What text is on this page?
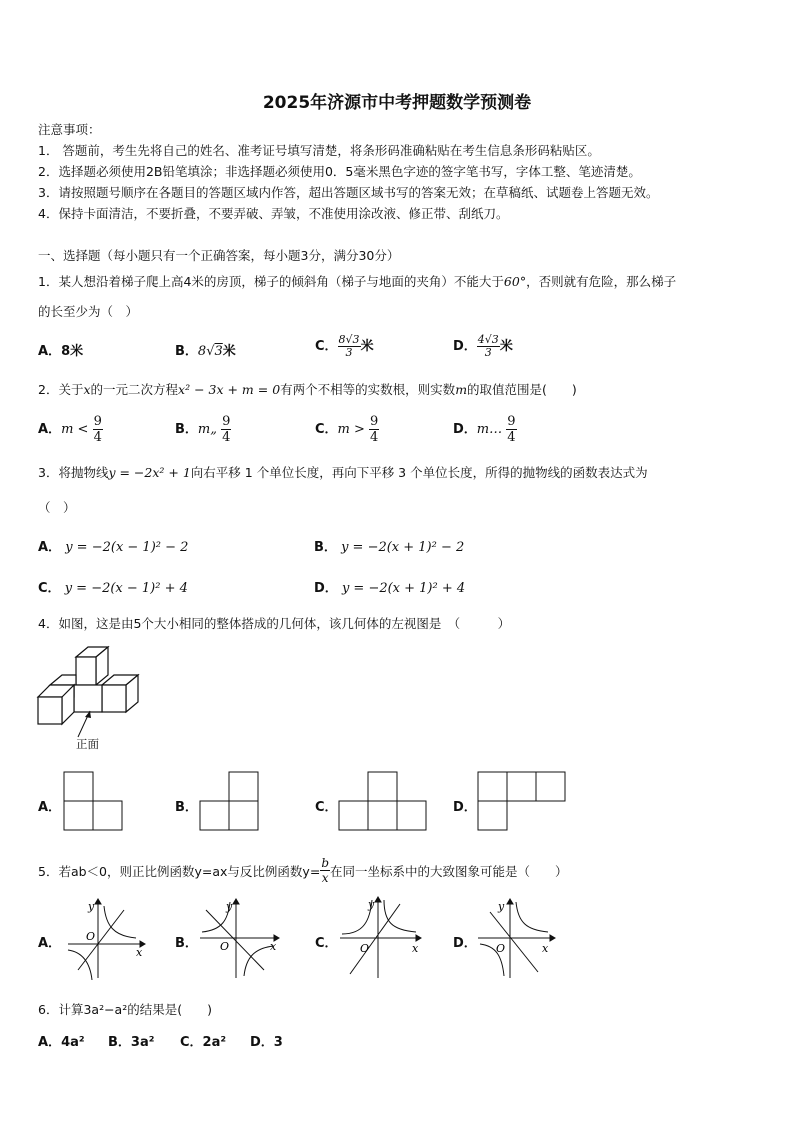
2025年济源市中考押题数学预测卷
注意事项：
1． 答题前，考生先将自己的姓名、准考证号填写清楚，将条形码准确粘贴在考生信息条形码粘贴区。
2．选择题必须使用2B铅笔填涂；非选择题必须使用0．5毫米黑色字迹的签字笔书写，字体工整、笔迹清楚。
3．请按照题号顺序在各题目的答题区域内作答，超出答题区域书写的答案无效；在草稿纸、试题卷上答题无效。
4．保持卡面清洁，不要折叠，不要弄破、弄皱，不准使用涂改液、修正带、刮纸刀。
一、选择题（每小题只有一个正确答案，每小题3分，满分30分）
1．某人想沿着梯子爬上高4米的房顶，梯子的倾斜角（梯子与地面的夹角）不能大于60°，否则就有危险，那么梯子
的长至少为（　）
A．8米	B．8√3米	C． $\frac{8√3}{3}$ 米	D． $\frac{4√3}{3}$ 米
2．关于x的一元二次方程x² − 3x + m = 0有两个不相等的实数根，则实数m的取值范围是(　　)
A．$m < \frac{9}{4}$	B．m„ $\frac{9}{4}$	C．$m > \frac{9}{4}$	D．m… $\frac{9}{4}$
3．将抛物线y = −2x² + 1向右平移 1 个单位长度，再向下平移 3 个单位长度，所得的抛物线的函数表达式为
（　）
A． y = −2(x − 1)² − 2	B． y = −2(x + 1)² − 2
C． y = −2(x − 1)² + 4	D． y = −2(x + 1)² + 4
4．如图，这是由5个大小相同的整体搭成的几何体，该几何体的左视图是　（　　　）
正面
A．	B．	C．	D．
5．若ab＜0，则正比例函数y=ax与反比例函数$y= \frac{b}{x}$ 在同一坐标系中的大致图象可能是（　　）
A．
y
x
O	B．
y
x
O	C．
y
x
O	D．
y
x
O
6．计算3a²−a²的结果是(　　)
A．4a² B．3a² C．2a² D．3
